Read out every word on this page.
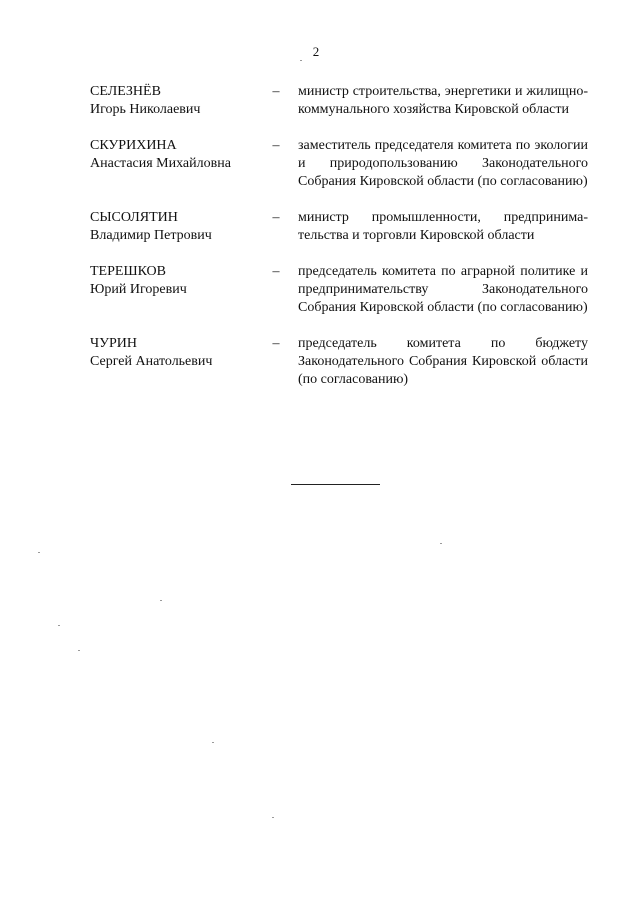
2
СЕЛЕЗНЁВ
Игорь Николаевич
– министр строительства, энергетики и жилищно-коммунального хозяйства Кировской области
СКУРИХИНА
Анастасия Михайловна
– заместитель председателя комитета по экологии и природопользованию Законодательного Собрания Кировской области (по согласованию)
СЫСОЛЯТИН
Владимир Петрович
– министр промышленности, предпринимательства и торговли Кировской области
ТЕРЕШКОВ
Юрий Игоревич
– председатель комитета по аграрной политике и предпринимательству Законодательного Собрания Кировской области (по согласованию)
ЧУРИН
Сергей Анатольевич
– председатель комитета по бюджету Законодательного Собрания Кировской области (по согласованию)
